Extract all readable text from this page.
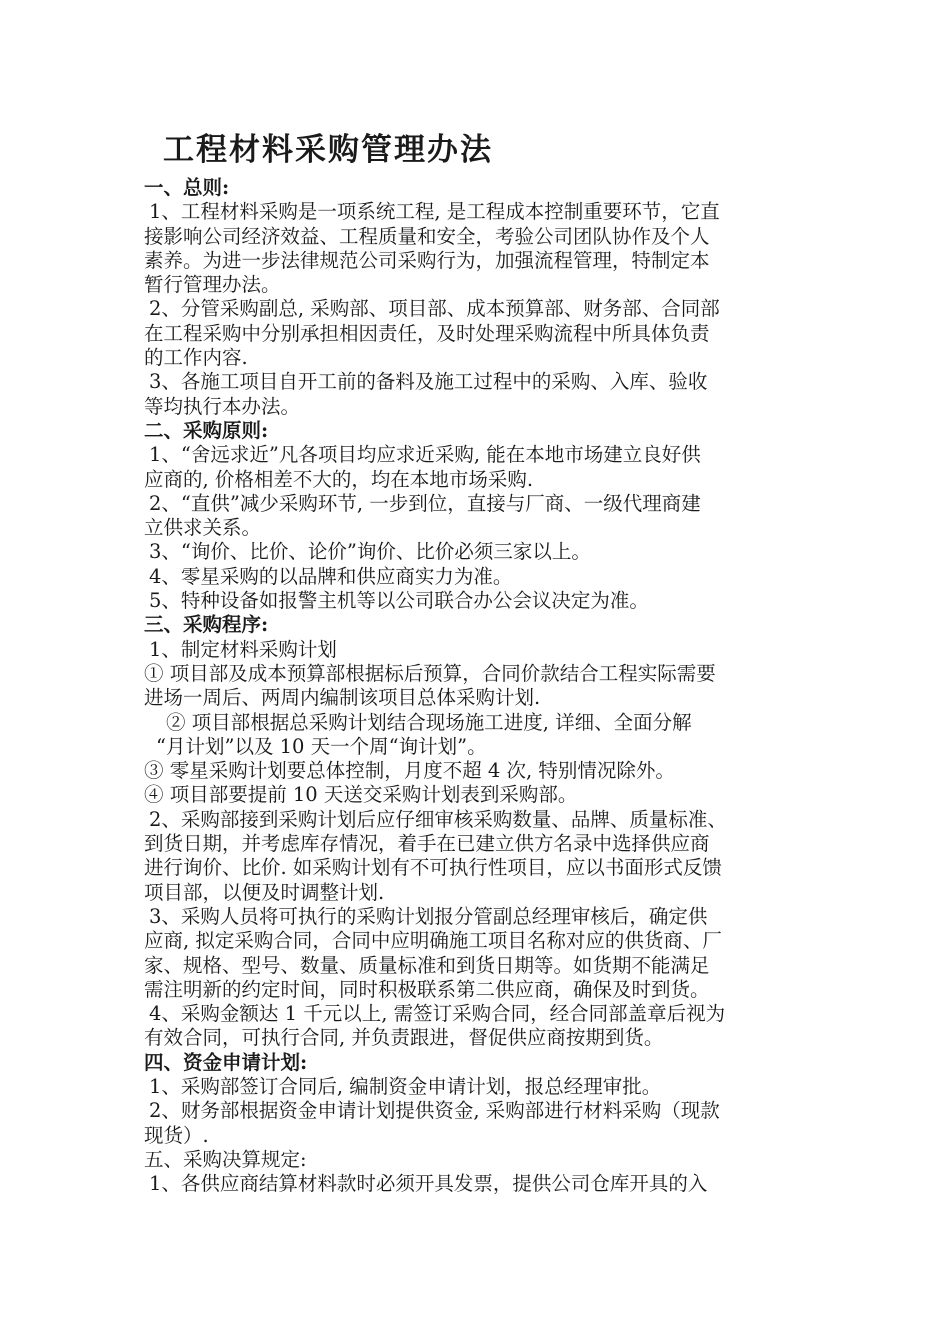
工程材料采购管理办法
一、总则:
1、工程材料采购是一项系统工程, 是工程成本控制重要环节，它直
接影响公司经济效益、工程质量和安全，考验公司团队协作及个人
素养。为进一步法律规范公司采购行为，加强流程管理，特制定本
暂行管理办法。
2、分管采购副总, 采购部、项目部、成本预算部、财务部、合同部
在工程采购中分别承担相因责任，及时处理采购流程中所具体负责
的工作内容.
3、各施工项目自开工前的备料及施工过程中的采购、入库、验收
等均执行本办法。
二、采购原则:
1、“舍远求近”凡各项目均应求近采购, 能在本地市场建立良好供
应商的, 价格相差不大的，均在本地市场采购.
2、“直供”减少采购环节, 一步到位，直接与厂商、一级代理商建
立供求关系。
3、“询价、比价、论价”询价、比价必须三家以上。
4、零星采购的以品牌和供应商实力为准。
5、特种设备如报警主机等以公司联合办公会议决定为准。
三、采购程序:
1、制定材料采购计划
① 项目部及成本预算部根据标后预算，合同价款结合工程实际需要
进场一周后、两周内编制该项目总体采购计划.
② 项目部根据总采购计划结合现场施工进度, 详细、全面分解
“月计划”以及 10 天一个周“询计划”。
③ 零星采购计划要总体控制，月度不超 4 次, 特别情况除外。
④ 项目部要提前 10 天送交采购计划表到采购部。
2、采购部接到采购计划后应仔细审核采购数量、品牌、质量标准、
到货日期，并考虑库存情况，着手在已建立供方名录中选择供应商
进行询价、比价. 如采购计划有不可执行性项目，应以书面形式反馈
项目部，以便及时调整计划.
3、采购人员将可执行的采购计划报分管副总经理审核后，确定供
应商, 拟定采购合同，合同中应明确施工项目名称对应的供货商、厂
家、规格、型号、数量、质量标准和到货日期等。如货期不能满足
需注明新的约定时间，同时积极联系第二供应商，确保及时到货。
4、采购金额达 1 千元以上, 需签订采购合同，经合同部盖章后视为
有效合同，可执行合同, 并负责跟进，督促供应商按期到货。
四、资金申请计划:
1、采购部签订合同后, 编制资金申请计划，报总经理审批。
2、财务部根据资金申请计划提供资金, 采购部进行材料采购（现款
现货）.
五、采购决算规定:
1、各供应商结算材料款时必须开具发票，提供公司仓库开具的入
